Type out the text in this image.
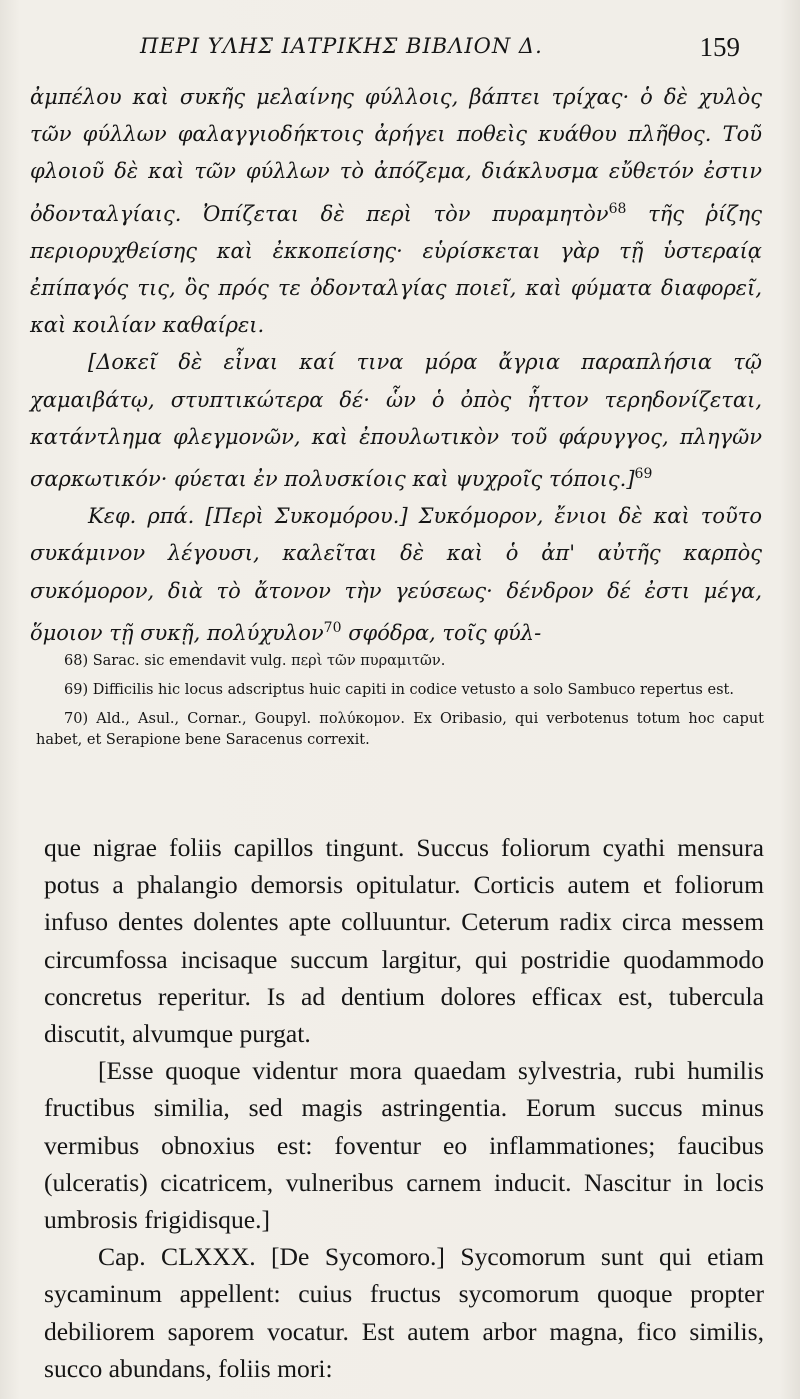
ΠΕΡΙ ΥΛΗΣ ΙΑΤΡΙΚΗΣ ΒΙΒΛΙΟΝ Δ.	159

ἀμπέλου καὶ συκῆς μελαίνης φύλλοις, βάπτει τρίχας· ὁ δὲ χυλὸς τῶν φύλλων φαλαγγιοδήκτοις ἀρήγει ποθεὶς κυάθου πλῆθος. Τοῦ φλοιοῦ δὲ καὶ τῶν φύλλων τὸ ἀπόζεμα, διάκλυσμα εὔθετόν ἐστιν ὀδονταλγίαις. Ὀπίζεται δὲ περὶ τὸν πυραμητὸν$^{68}$ τῆς ῥίζης περιορυχθείσης καὶ ἐκκοπείσης· εὑρίσκεται γὰρ τῇ ὑστεραίᾳ ἐπίπαγός τις, ὃς πρός τε ὀδονταλγίας ποιεῖ, καὶ φύματα διαφορεῖ, καὶ κοιλίαν καθαίρει.

[Δοκεῖ δὲ εἶναι καί τινα μόρα ἄγρια παραπλήσια τῷ χαμαιβάτῳ, στυπτικώτερα δέ· ὧν ὁ ὀπὸς ἧττον τερηδονίζεται, κατάντλημα φλεγμονῶν, καὶ ἐπουλωτικὸν τοῦ φάρυγγος, πληγῶν σαρκωτικόν· φύεται ἐν πολυσκίοις καὶ ψυχροῖς τόποις.]$^{69}$

Κεφ. ρπά. [Περὶ Συκομόρου.] Συκόμορον, ἔνιοι δὲ καὶ τοῦτο συκάμινον λέγουσι, καλεῖται δὲ καὶ ὁ ἀπ' αὐτῆς καρπὸς συκόμορον, διὰ τὸ ἄτονον τὴν γεύσεως· δένδρον δέ ἐστι μέγα, ὅμοιον τῇ συκῇ, πολύχυλον$^{70}$ σφόδρα, τοῖς φύλ-

68) Sarac. sic emendavit vulg. περὶ τῶν πυραμιτῶν.

69) Difficilis hic locus adscriptus huic capiti in codice vetusto a solo Sambuco repertus est.

70) Ald., Asul., Cornar., Goupyl. πολύκομον. Ex Oribasio, qui verbotenus totum hoc caput habet, et Serapione bene Saracenus correxit.

que nigrae foliis capillos tingunt. Succus foliorum cyathi mensura potus a phalangio demorsis opitulatur. Corticis autem et foliorum infuso dentes dolentes apte colluuntur. Ceterum radix circa messem circumfossa incisaque succum largitur, qui postridie quodammodo concretus reperitur. Is ad dentium dolores efficax est, tubercula discutit, alvumque purgat.

[Esse quoque videntur mora quaedam sylvestria, rubi humilis fructibus similia, sed magis astringentia. Eorum succus minus vermibus obnoxius est: foventur eo inflammationes; faucibus (ulceratis) cicatricem, vulneribus carnem inducit. Nascitur in locis umbrosis frigidisque.]

Cap. CLXXX. [De Sycomoro.] Sycomorum sunt qui etiam sycaminum appellent: cuius fructus sycomorum quoque propter debiliorem saporem vocatur. Est autem arbor magna, fico similis, succo abundans, foliis mori:
